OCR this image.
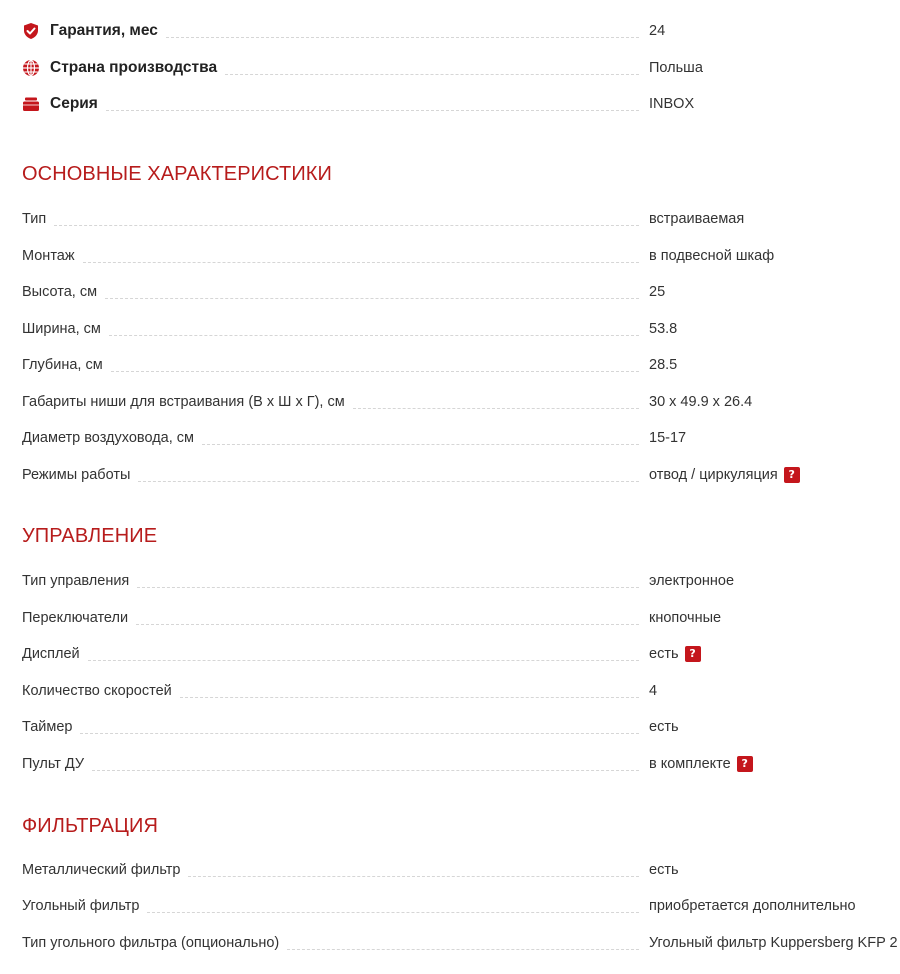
Гарантия, мес	24
Страна производства	Польша
Серия	INBOX
ОСНОВНЫЕ ХАРАКТЕРИСТИКИ
Тип	встраиваемая
Монтаж	в подвесной шкаф
Высота, см	25
Ширина, см	53.8
Глубина, см	28.5
Габариты ниши для встраивания (В x Ш x Г), см	30 x 49.9 x 26.4
Диаметр воздуховода, см	15-17
Режимы работы	отвод / циркуляция ?
УПРАВЛЕНИЕ
Тип управления	электронное
Переключатели	кнопочные
Дисплей	есть ?
Количество скоростей	4
Таймер	есть
Пульт ДУ	в комплекте ?
ФИЛЬТРАЦИЯ
Металлический фильтр	есть
Угольный фильтр	приобретается дополнительно
Тип угольного фильтра (опционально)	Угольный фильтр Kuppersberg KFP 2
